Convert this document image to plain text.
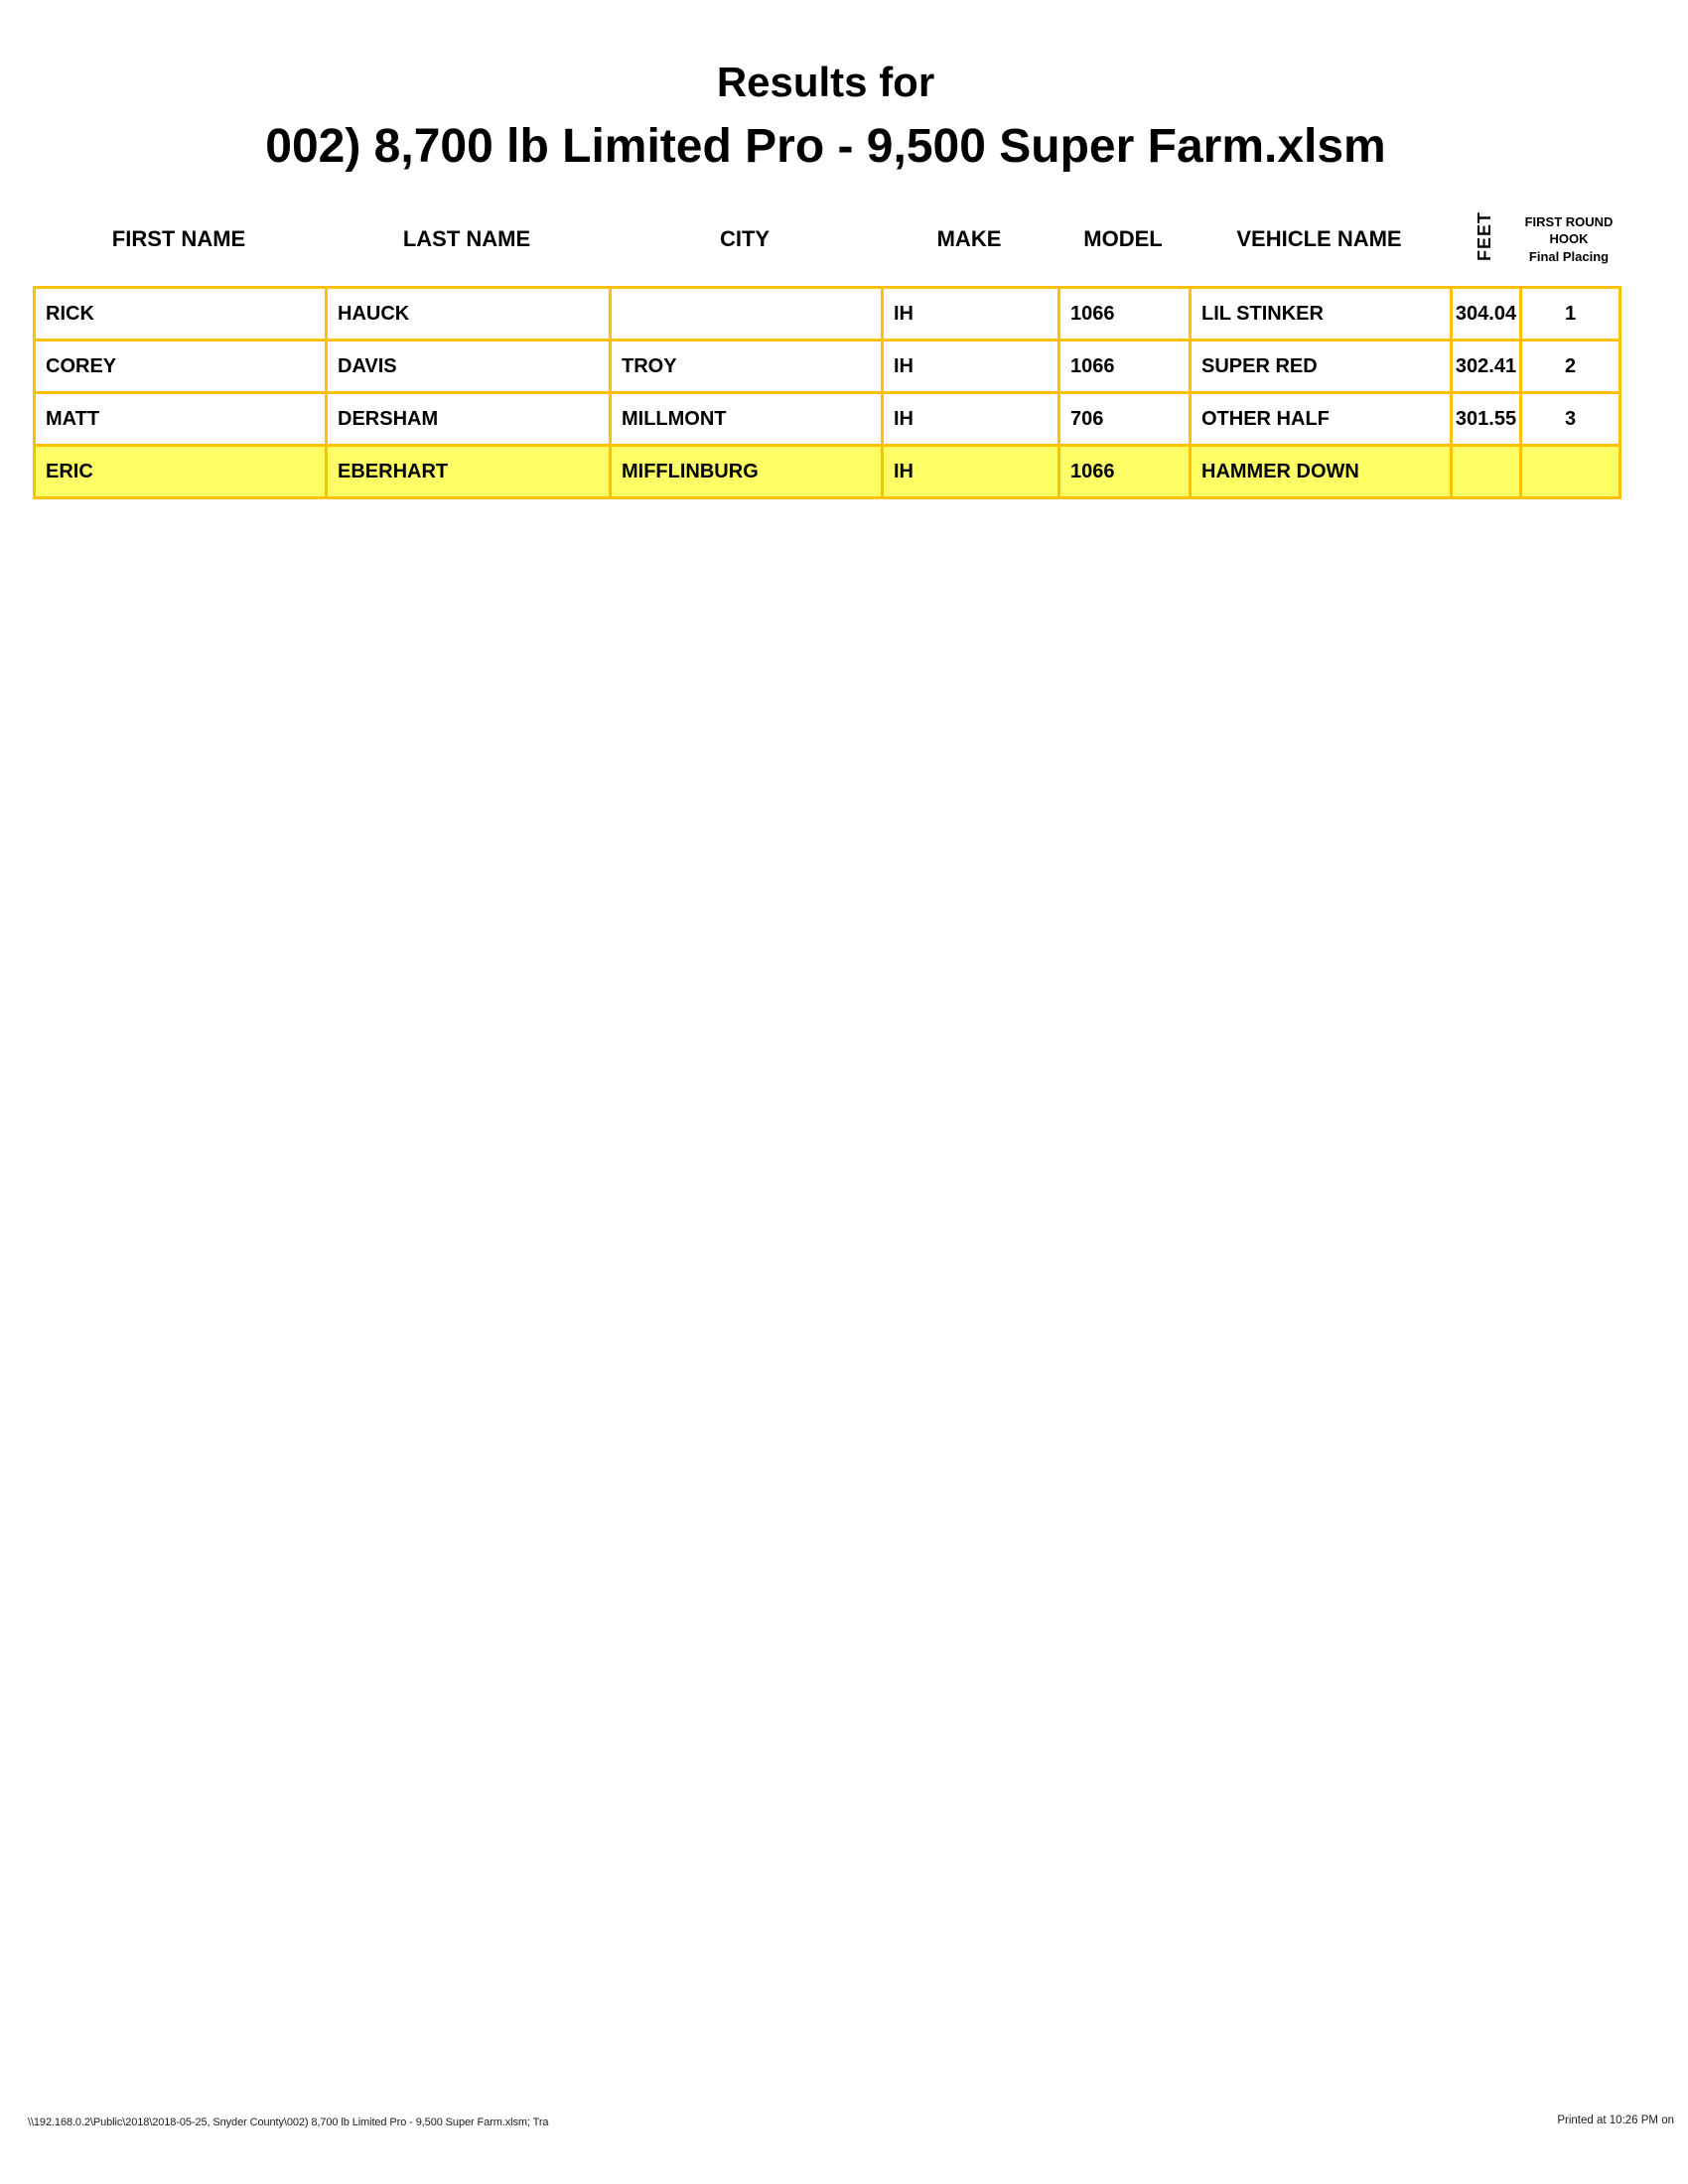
Results for
002) 8,700 lb Limited Pro - 9,500 Super Farm.xlsm
FIRST NAME	LAST NAME	CITY	MAKE	MODEL	VEHICLE NAME	FEET FIRST ROUND
HOOK
Final Placing
RICK	HAUCK		IH	1066	LIL STINKER	304.04	1
COREY	DAVIS	TROY	IH	1066	SUPER RED	302.41	2
MATT	DERSHAM	MILLMONT	IH	706	OTHER HALF	301.55	3
ERIC	EBERHART	MIFFLINBURG	IH	1066	HAMMER DOWN		
\\192.168.0.2\Public\2018\2018-05-25, Snyder County\002) 8,700 lb Limited Pro - 9,500 Super Farm.xlsm; Tra	Printed at 10:26 PM on
